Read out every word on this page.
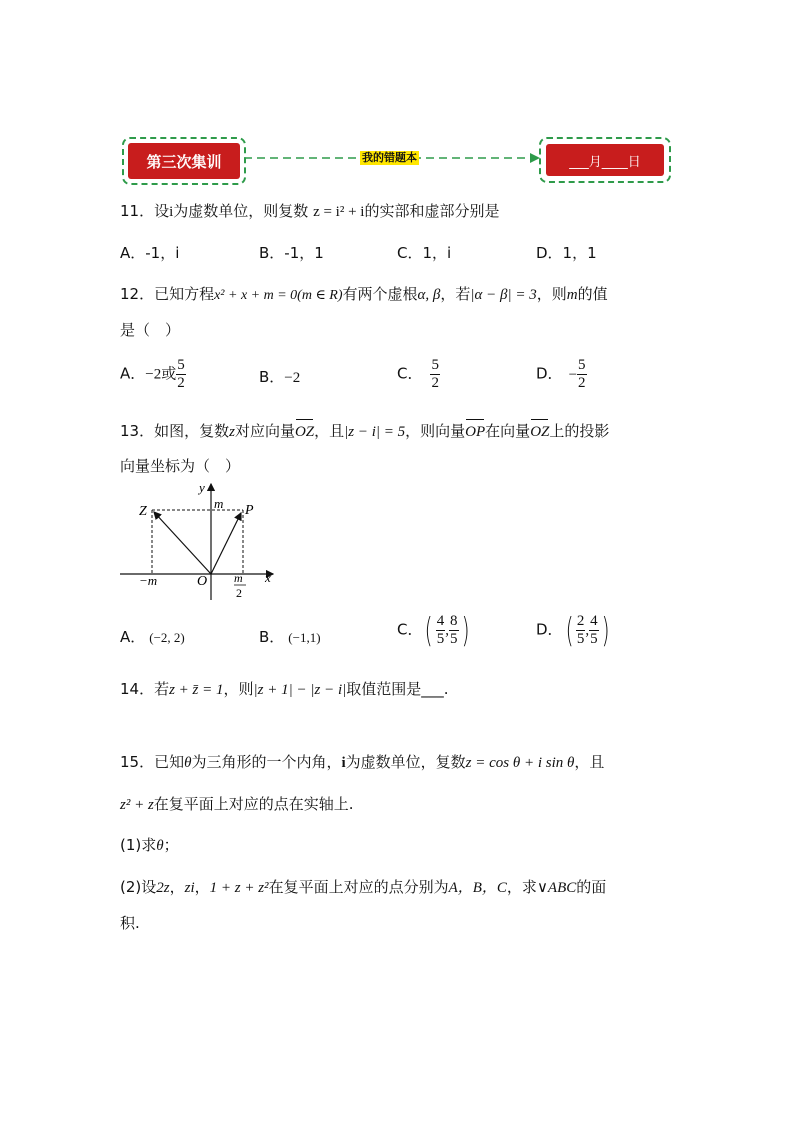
第三次集训	我的错题本	___月____日
11．设i为虚数单位，则复数 z = i² + i的实部和虚部分别是
A．-1，i	B．-1，1	C．1，i	D．1，1
12．已知方程x² + x + m = 0(m ∈ R)有两个虚根α, β，若|α − β| = 3，则m的值
是（　）
A．−2或 $\frac{5}{2}$	B．−2	C． $\frac{5}{2}$	D． − $\frac{5}{2}$
13．如图，复数z对应向量OZ，且|z − i| = 5，则向量OP在向量OZ上的投影
向量坐标为（　）
y
m
Z	P
O
−m	x
m
2
A． (−2, 2)	B． (−1,1)	C．( $\frac{4}{5}$ , $\frac{8}{5}$ )	D．( $\frac{2}{5}$ , $\frac{4}{5}$ )
14．若z + z̄ = 1，则|z + 1| − |z − i|取值范围是___.
15．已知θ为三角形的一个内角，i为虚数单位，复数z = cos θ + i sin θ，且
z² + z在复平面上对应的点在实轴上.
(1)求θ；
(2)设2z，zi，1 + z + z²在复平面上对应的点分别为A，B，C，求∨ABC的面
积.
